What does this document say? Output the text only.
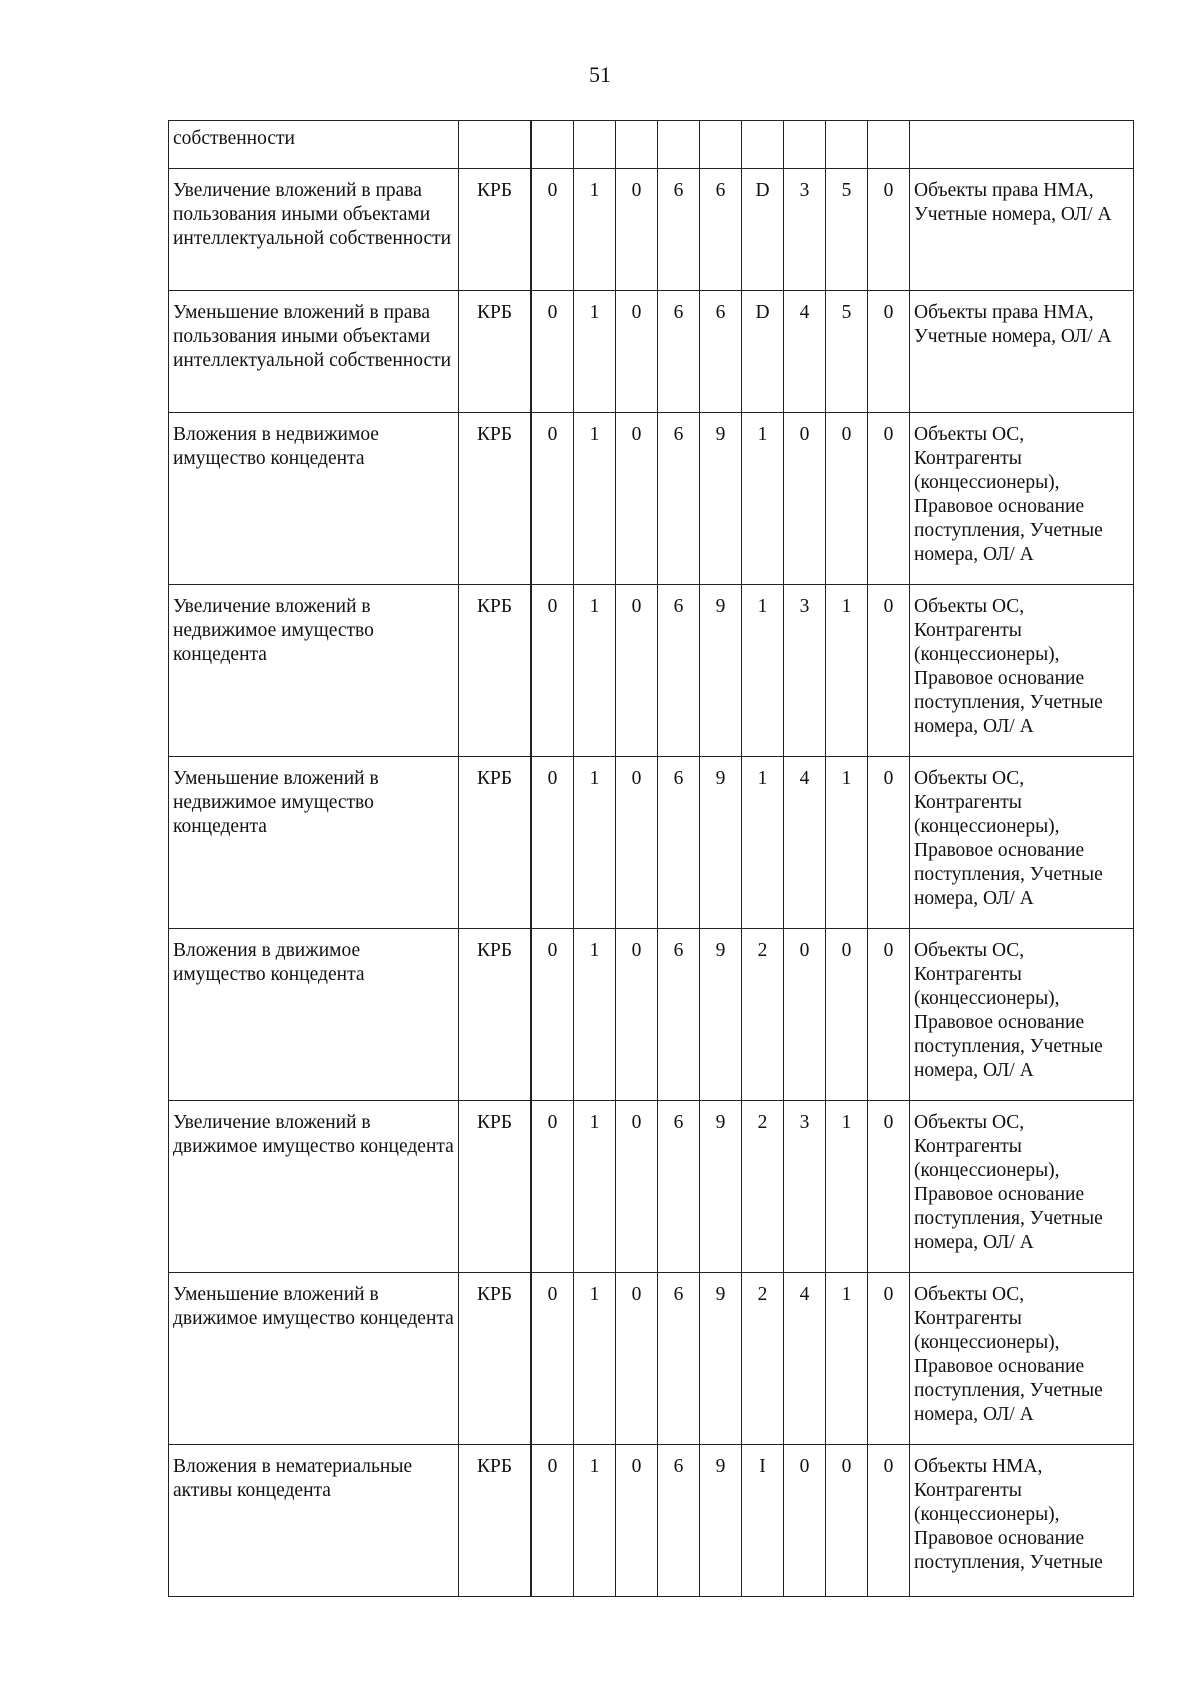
51
собственности												
Увеличение вложений в права пользования иными объектами интеллектуальной собственности	КРБ		0	1	0	6	6	D	3	5	0	Объекты права НМА, Учетные номера, ОЛ/ А
Уменьшение вложений в права пользования иными объектами интеллектуальной собственности	КРБ		0	1	0	6	6	D	4	5	0	Объекты права НМА, Учетные номера, ОЛ/ А
Вложения в недвижимое имущество концедента	КРБ		0	1	0	6	9	1	0	0	0	Объекты ОС, Контрагенты (концессионеры), Правовое основание поступления, Учетные номера, ОЛ/ А
Увеличение вложений в недвижимое имущество концедента	КРБ		0	1	0	6	9	1	3	1	0	Объекты ОС, Контрагенты (концессионеры), Правовое основание поступления, Учетные номера, ОЛ/ А
Уменьшение вложений в недвижимое имущество концедента	КРБ		0	1	0	6	9	1	4	1	0	Объекты ОС, Контрагенты (концессионеры), Правовое основание поступления, Учетные номера, ОЛ/ А
Вложения в движимое имущество концедента	КРБ		0	1	0	6	9	2	0	0	0	Объекты ОС, Контрагенты (концессионеры), Правовое основание поступления, Учетные номера, ОЛ/ А
Увеличение вложений в движимое имущество концедента	КРБ		0	1	0	6	9	2	3	1	0	Объекты ОС, Контрагенты (концессионеры), Правовое основание поступления, Учетные номера, ОЛ/ А
Уменьшение вложений в движимое имущество концедента	КРБ		0	1	0	6	9	2	4	1	0	Объекты ОС, Контрагенты (концессионеры), Правовое основание поступления, Учетные номера, ОЛ/ А
Вложения в нематериальные активы концедента	КРБ		0	1	0	6	9	I	0	0	0	Объекты НМА, Контрагенты (концессионеры), Правовое основание поступления, Учетные
